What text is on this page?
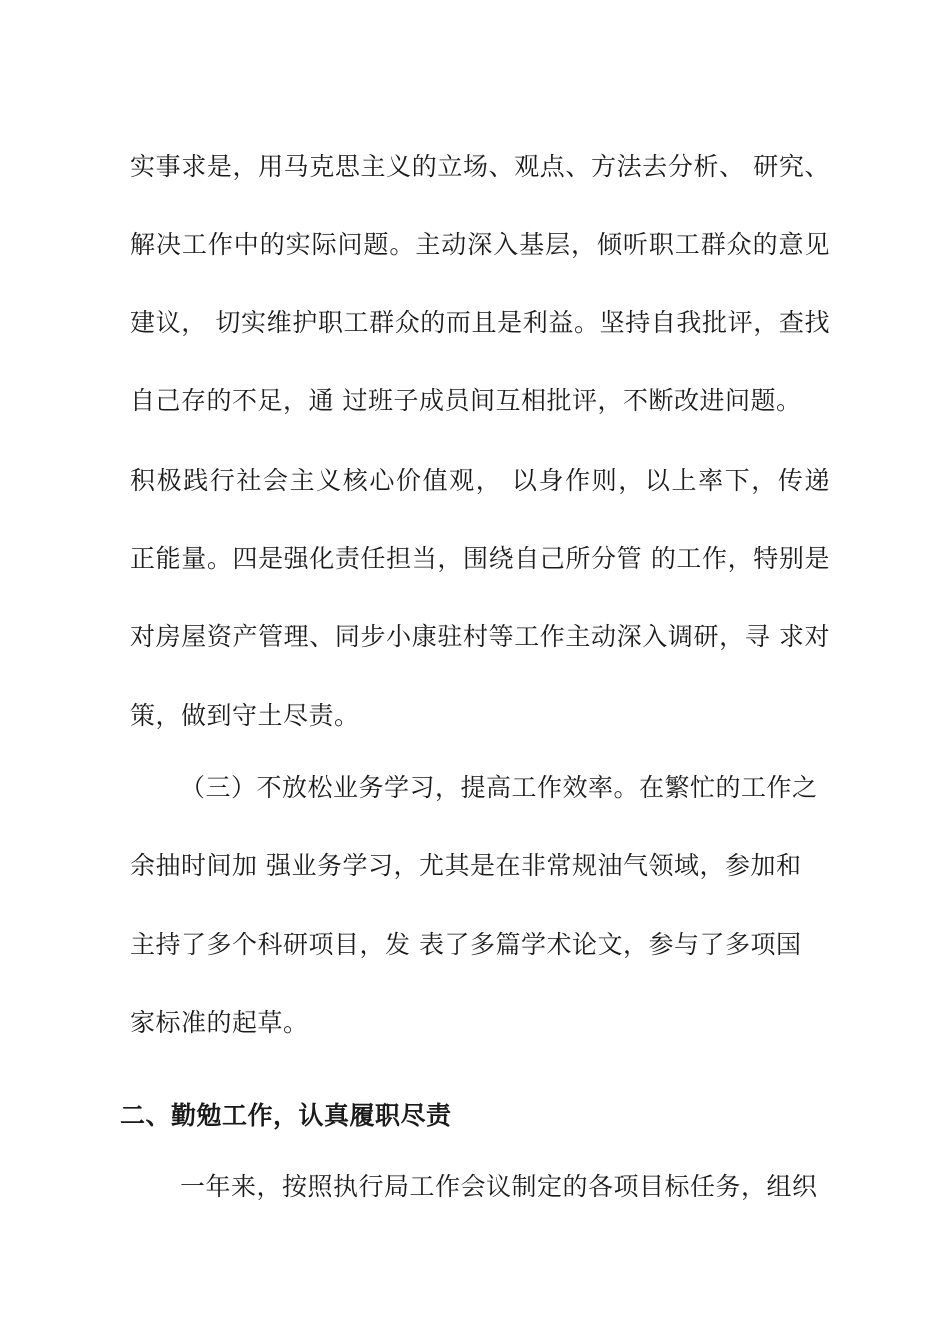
实事求是，用马克思主义的立场、观点、方法去分析、 研究、
解决工作中的实际问题。主动深入基层，倾听职工群众的意见
建议， 切实维护职工群众的而且是利益。坚持自我批评，查找
自己存的不足，通 过班子成员间互相批评，不断改进问题。
积极践行社会主义核心价值观， 以身作则，以上率下，传递
正能量。四是强化责任担当，围绕自己所分管 的工作，特别是
对房屋资产管理、同步小康驻村等工作主动深入调研，寻 求对
策，做到守土尽责。
（三）不放松业务学习，提高工作效率。在繁忙的工作之
余抽时间加 强业务学习，尤其是在非常规油气领域，参加和
主持了多个科研项目，发 表了多篇学术论文，参与了多项国
家标准的起草。
二、勤勉工作，认真履职尽责
一年来，按照执行局工作会议制定的各项目标任务，组织
